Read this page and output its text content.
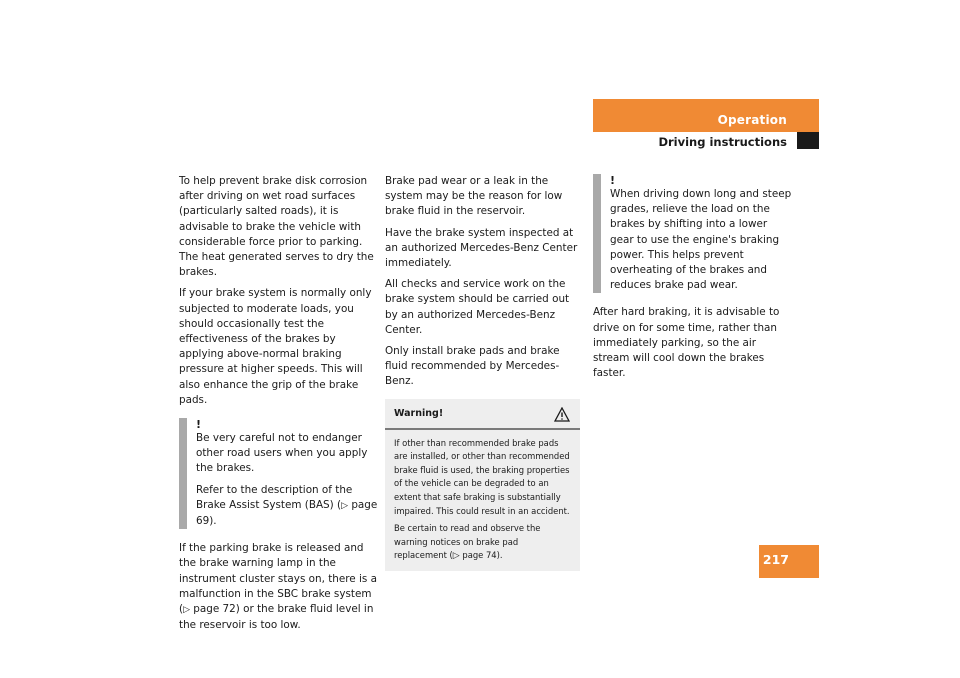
Operation
Driving instructions

To help prevent brake disk corrosion after driving on wet road surfaces (particularly salted roads), it is advisable to brake the vehicle with considerable force prior to parking. The heat generated serves to dry the brakes.

If your brake system is normally only subjected to moderate loads, you should occasionally test the effectiveness of the brakes by applying above-normal braking pressure at higher speeds. This will also enhance the grip of the brake pads.

!

Be very careful not to endanger other road users when you apply the brakes.

Refer to the description of the Brake Assist System (BAS) (▷ page 69).

If the parking brake is released and the brake warning lamp in the instrument cluster stays on, there is a malfunction in the SBC brake system (▷ page 72) or the brake fluid level in the reservoir is too low.

Brake pad wear or a leak in the system may be the reason for low brake fluid in the reservoir.

Have the brake system inspected at an authorized Mercedes-Benz Center immediately.

All checks and service work on the brake system should be carried out by an authorized Mercedes-Benz Center.

Only install brake pads and brake fluid recommended by Mercedes-Benz.

Warning!

If other than recommended brake pads are installed, or other than recommended brake fluid is used, the braking properties of the vehicle can be degraded to an extent that safe braking is substantially impaired. This could result in an accident.

Be certain to read and observe the warning notices on brake pad replacement (▷ page 74).

!

When driving down long and steep grades, relieve the load on the brakes by shifting into a lower gear to use the engine's braking power. This helps prevent overheating of the brakes and reduces brake pad wear.

After hard braking, it is advisable to drive on for some time, rather than immediately parking, so the air stream will cool down the brakes faster.

217
